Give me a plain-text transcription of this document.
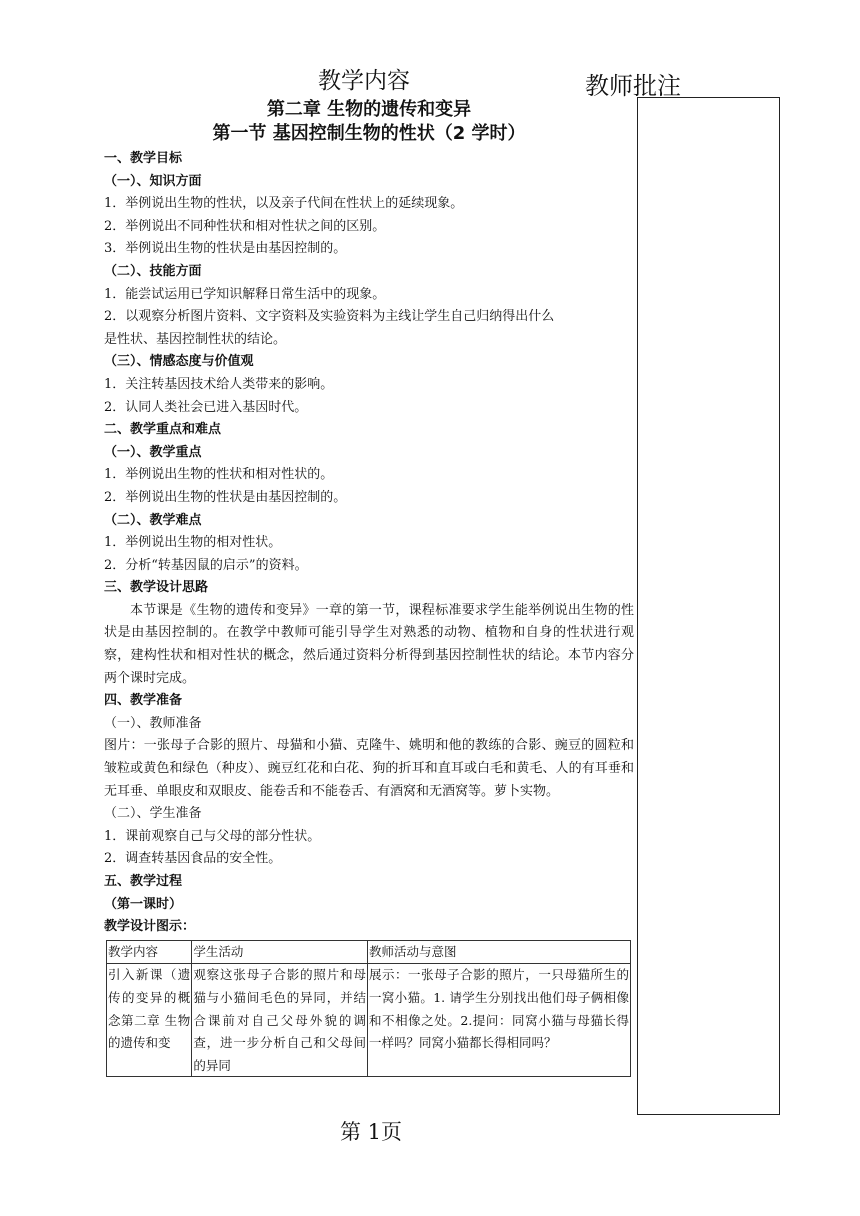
教学内容	教师批注
第二章 生物的遗传和变异
第一节 基因控制生物的性状（2 学时）
一、教学目标
（一）、知识方面
1．举例说出生物的性状，以及亲子代间在性状上的延续现象。
2．举例说出不同种性状和相对性状之间的区别。
3．举例说出生物的性状是由基因控制的。
（二）、技能方面
1．能尝试运用已学知识解释日常生活中的现象。
2．以观察分析图片资料、文字资料及实验资料为主线让学生自己归纳得出什么
是性状、基因控制性状的结论。
（三）、情感态度与价值观
1．关注转基因技术给人类带来的影响。
2．认同人类社会已进入基因时代。
二、教学重点和难点
（一）、教学重点
1．举例说出生物的性状和相对性状的。
2．举例说出生物的性状是由基因控制的。
（二）、教学难点
1．举例说出生物的相对性状。
2．分析“转基因鼠的启示”的资料。
三、教学设计思路
本节课是《生物的遗传和变异》一章的第一节，课程标准要求学生能举例说出生物的性状是由基因控制的。在教学中教师可能引导学生对熟悉的动物、植物和自身的性状进行观察，建构性状和相对性状的概念，然后通过资料分析得到基因控制性状的结论。本节内容分两个课时完成。
四、教学准备
（一）、教师准备
图片：一张母子合影的照片、母猫和小猫、克隆牛、姚明和他的教练的合影、豌豆的圆粒和皱粒或黄色和绿色（种皮）、豌豆红花和白花、狗的折耳和直耳或白毛和黄毛、人的有耳垂和无耳垂、单眼皮和双眼皮、能卷舌和不能卷舌、有酒窝和无酒窝等。萝卜实物。
（二）、学生准备
1．课前观察自己与父母的部分性状。
2．调查转基因食品的安全性。
五、教学过程
（第一课时）
教学设计图示：
教学内容	学生活动	教师活动与意图

引入新课（遗传的变异的概念第二章 生物的遗传和变	观察这张母子合影的照片和母猫与小猫间毛色的异同，并结合课前对自己父母外貌的调查，进一步分析自己和父母间的异同	展示：一张母子合影的照片，一只母猫所生的一窝小猫。1. 请学生分别找出他们母子俩相像和不相像之处。2.提问：同窝小猫与母猫长得一样吗？同窝小猫都长得相同吗？
第 1页
